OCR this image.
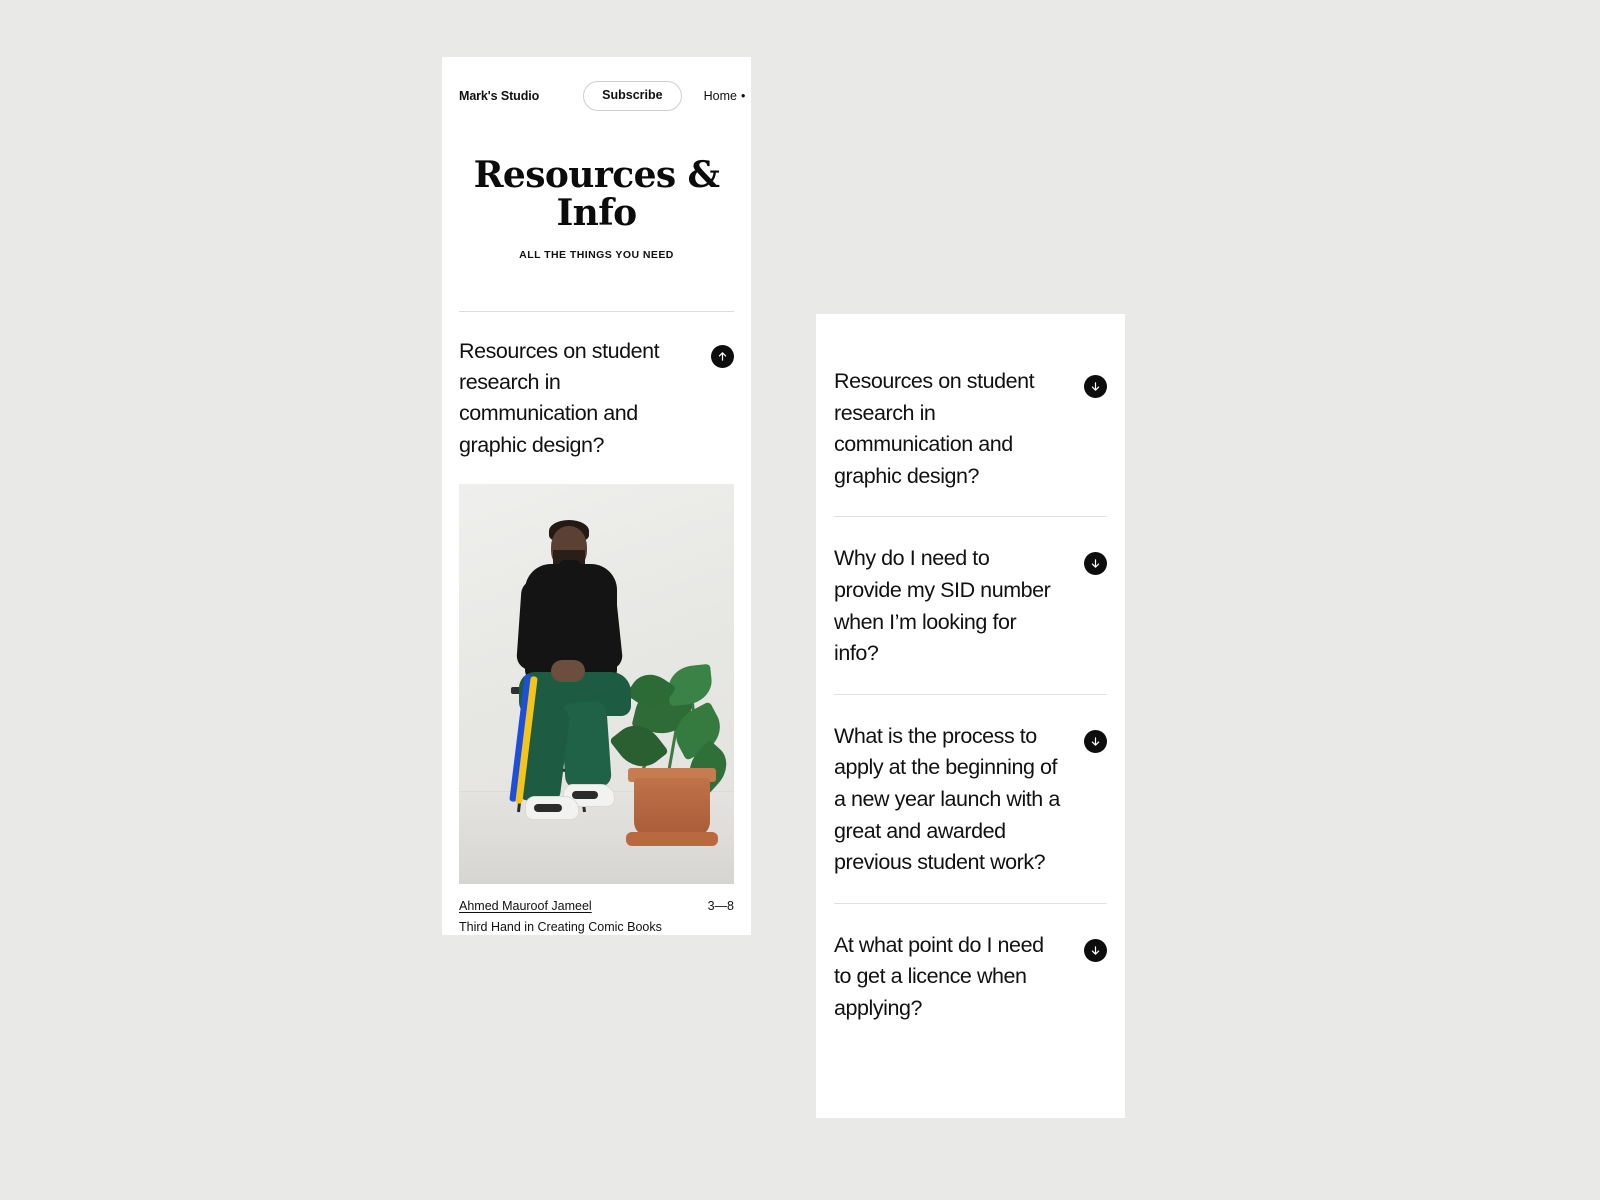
Mark's Studio	Subscribe	Home •
Resources & Info
ALL THE THINGS YOU NEED

Resources on student research in communication and graphic design?

Ahmed Mauroof Jameel	3—8
Third Hand in Creating Comic Books

Resources on student research in communication and graphic design?

Why do I need to provide my SID number when I’m looking for info?

What is the process to apply at the beginning of a new year launch with a great and awarded previous student work?

At what point do I need to get a licence when applying?
